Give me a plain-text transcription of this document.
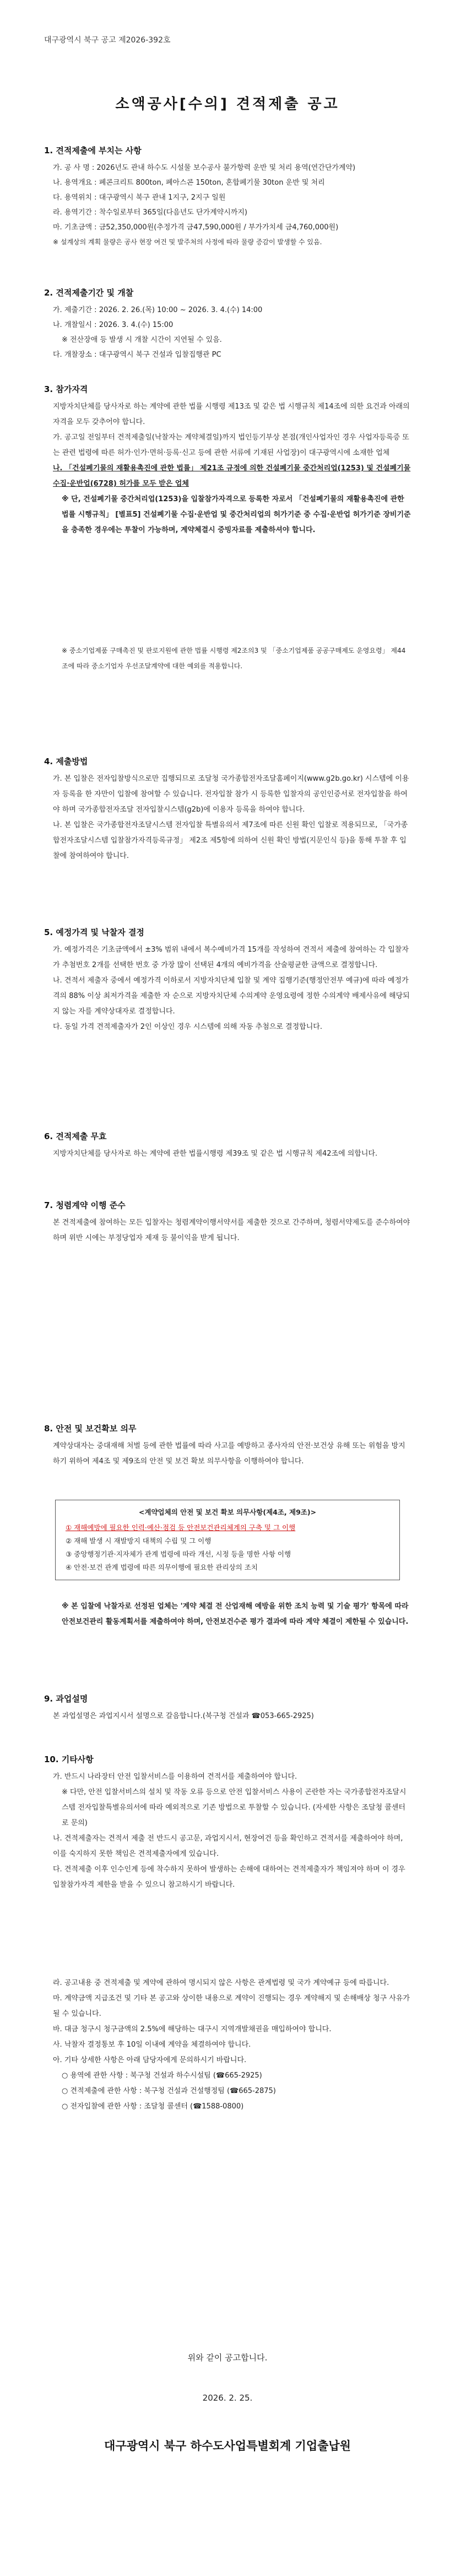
대구광역시 북구 공고 제2026-392호
소액공사[수의] 견적제출 공고
1. 견적제출에 부치는 사항
가. 공 사 명 : 2026년도 관내 하수도 시설물 보수공사 불가항력 운반 및 처리 용역(연간단가계약)
나. 용역개요 : 폐콘크리트 800ton, 폐아스콘 150ton, 혼합폐기물 30ton 운반 및 처리
다. 용역위치 : 대구광역시 북구 관내 1지구, 2지구 일원
라. 용역기간 : 착수일로부터 365일(다음년도 단가계약시까지)
마. 기초금액 : 금52,350,000원(추정가격 금47,590,000원 / 부가가치세 금4,760,000원)
※ 설계상의 계획 물량은 공사 현장 여건 및 발주처의 사정에 따라 물량 증감이 발생할 수 있음.
2. 견적제출기간 및 개찰
가. 제출기간 : 2026. 2. 26.(목) 10:00 ~ 2026. 3. 4.(수) 14:00
나. 개찰일시 : 2026. 3. 4.(수) 15:00
※ 전산장애 등 발생 시 개찰 시간이 지연될 수 있음.
다. 개찰장소 : 대구광역시 북구 건설과 입찰집행관 PC
3. 참가자격
지방자치단체를 당사자로 하는 계약에 관한 법률 시행령 제13조 및 같은 법 시행규칙 제14조에 의한 요건과 아래의 자격을 모두 갖추어야 합니다.
가. 공고일 전일부터 견적제출일(낙찰자는 계약체결일)까지 법인등기부상 본점(개인사업자인 경우 사업자등록증 또는 관련 법령에 따른 허가·인가·면허·등록·신고 등에 관한 서류에 기재된 사업장)이 대구광역시에 소재한 업체
나. 「건설폐기물의 재활용촉진에 관한 법률」 제21조 규정에 의한 건설폐기물 중간처리업(1253) 및 건설폐기물 수집·운반업(6728) 허가를 모두 받은 업체
※ 단, 건설폐기물 중간처리업(1253)을 입찰참가자격으로 등록한 자로서 「건설폐기물의 재활용촉진에 관한 법률 시행규칙」 [별표5] 건설폐기물 수집·운반업 및 중간처리업의 허가기준 중 수집·운반업 허가기준 장비기준을 충족한 경우에는 투찰이 가능하며, 계약체결시 증빙자료를 제출하셔야 합니다.
※ 중소기업제품 구매촉진 및 판로지원에 관한 법률 시행령 제2조의3 및 「중소기업제품 공공구매제도 운영요령」 제44조에 따라 중소기업자 우선조달계약에 대한 예외를 적용합니다.
4. 제출방법
가. 본 입찰은 전자입찰방식으로만 집행되므로 조달청 국가종합전자조달홈페이지(www.g2b.go.kr) 시스템에 이용자 등록을 한 자만이 입찰에 참여할 수 있습니다. 전자입찰 참가 시 등록한 입찰자의 공인인증서로 전자입찰을 하여야 하며 국가종합전자조달 전자입찰시스템(g2b)에 이용자 등록을 하여야 합니다.
나. 본 입찰은 국가종합전자조달시스템 전자입찰 특별유의서 제7조에 따른 신원 확인 입찰로 적용되므로, 「국가종합전자조달시스템 입찰참가자격등록규정」 제2조 제5항에 의하여 신원 확인 방법(지문인식 등)을 통해 투찰 후 입찰에 참여하여야 합니다.
5. 예정가격 및 낙찰자 결정
가. 예정가격은 기초금액에서 ±3% 범위 내에서 복수예비가격 15개를 작성하여 견적서 제출에 참여하는 각 입찰자가 추첨번호 2개를 선택한 번호 중 가장 많이 선택된 4개의 예비가격을 산술평균한 금액으로 결정합니다.
나. 견적서 제출자 중에서 예정가격 이하로서 지방자치단체 입찰 및 계약 집행기준(행정안전부 예규)에 따라 예정가격의 88% 이상 최저가격을 제출한 자 순으로 지방자치단체 수의계약 운영요령에 정한 수의계약 배제사유에 해당되지 않는 자를 계약상대자로 결정합니다.
다. 동일 가격 견적제출자가 2인 이상인 경우 시스템에 의해 자동 추첨으로 결정합니다.
6. 견적제출 무효
지방자치단체를 당사자로 하는 계약에 관한 법률시행령 제39조 및 같은 법 시행규칙 제42조에 의합니다.
7. 청렴계약 이행 준수
본 견적제출에 참여하는 모든 입찰자는 청렴계약이행서약서를 제출한 것으로 간주하며, 청렴서약제도를 준수하여야 하며 위반 시에는 부정당업자 제재 등 불이익을 받게 됩니다.
8. 안전 및 보건확보 의무
계약상대자는 중대재해 처벌 등에 관한 법률에 따라 사고를 예방하고 종사자의 안전·보건상 유해 또는 위험을 방지하기 위하여 제4조 및 제9조의 안전 및 보건 확보 의무사항을 이행하여야 합니다.
<계약업체의 안전 및 보건 확보 의무사항(제4조, 제9조)>
① 재해예방에 필요한 인력·예산·점검 등 안전보건관리체계의 구축 및 그 이행
② 재해 발생 시 재발방지 대책의 수립 및 그 이행
③ 중앙행정기관·지자체가 관계 법령에 따라 개선, 시정 등을 명한 사항 이행
④ 안전·보건 관계 법령에 따른 의무이행에 필요한 관리상의 조치
※ 본 입찰에 낙찰자로 선정된 업체는 '계약 체결 전 산업재해 예방을 위한 조치 능력 및 기술 평가' 항목에 따라 안전보건관리 활동계획서를 제출하여야 하며, 안전보건수준 평가 결과에 따라 계약 체결이 제한될 수 있습니다.
9. 과업설명
본 과업설명은 과업지시서 설명으로 갈음합니다.(북구청 건설과 ☎053-665-2925)
10. 기타사항
가. 반드시 나라장터 안전 입찰서비스를 이용하여 견적서를 제출하여야 합니다.
※ 다만, 안전 입찰서비스의 설치 및 작동 오류 등으로 안전 입찰서비스 사용이 곤란한 자는 국가종합전자조달시스템 전자입찰특별유의서에 따라 예외적으로 기존 방법으로 투찰할 수 있습니다. (자세한 사항은 조달청 콜센터로 문의)
나. 견적제출자는 견적서 제출 전 반드시 공고문, 과업지시서, 현장여건 등을 확인하고 견적서를 제출하여야 하며, 이를 숙지하지 못한 책임은 견적제출자에게 있습니다.
다. 견적제출 이후 인수인계 등에 착수하지 못하여 발생하는 손해에 대하여는 견적제출자가 책임져야 하며 이 경우 입찰참가자격 제한을 받을 수 있으니 참고하시기 바랍니다.
라. 공고내용 중 견적제출 및 계약에 관하여 명시되지 않은 사항은 관계법령 및 국가 계약예규 등에 따릅니다.
마. 계약금액 지급조건 및 기타 본 공고와 상이한 내용으로 계약이 진행되는 경우 계약해지 및 손해배상 청구 사유가 될 수 있습니다.
바. 대금 청구시 청구금액의 2.5%에 해당하는 대구시 지역개발채권을 매입하여야 합니다.
사. 낙찰자 결정통보 후 10일 이내에 계약을 체결하여야 합니다.
아. 기타 상세한 사항은 아래 담당자에게 문의하시기 바랍니다.
○ 용역에 관한 사항 : 북구청 건설과 하수시설팀 (☎665-2925)
○ 견적제출에 관한 사항 : 북구청 건설과 건설행정팀 (☎665-2875)
○ 전자입찰에 관한 사항 : 조달청 콜센터 (☎1588-0800)
위와 같이 공고합니다.
2026. 2. 25.
대구광역시 북구 하수도사업특별회계 기업출납원
